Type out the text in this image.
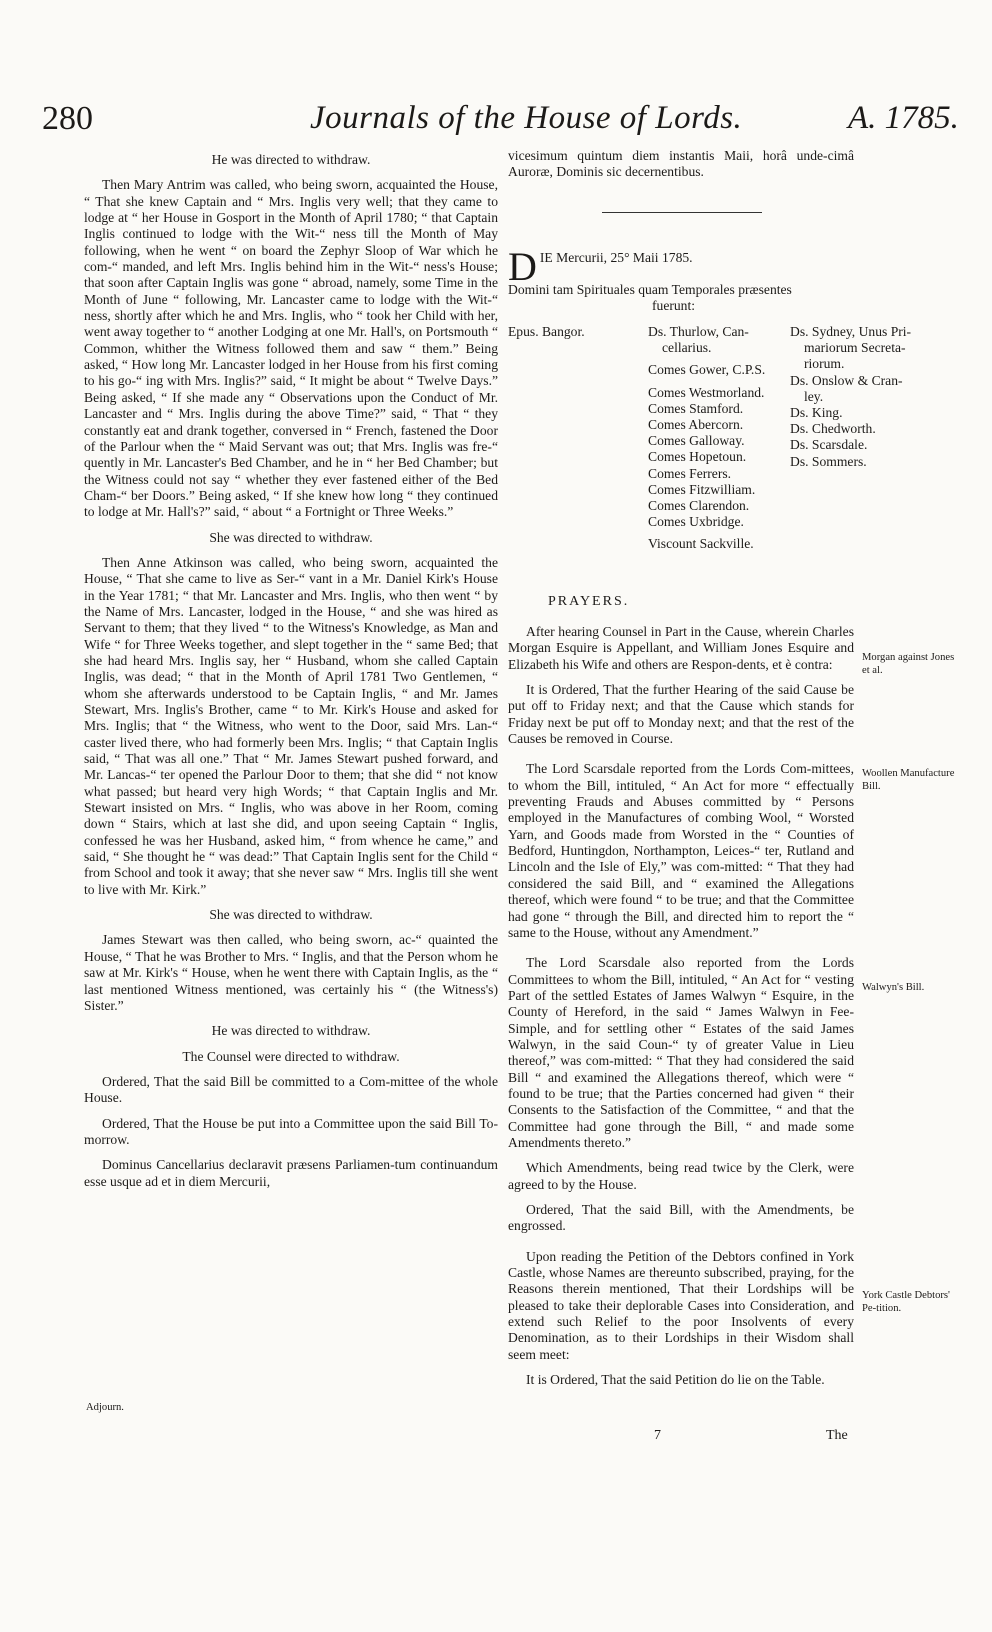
280	Journals of the House of Lords.	A. 1785.

He was directed to withdraw.

Then Mary Antrim was called, who being sworn, acquainted the House, “ That she knew Captain and “ Mrs. Inglis very well; that they came to lodge at “ her House in Gosport in the Month of April 1780; “ that Captain Inglis continued to lodge with the Wit-“ ness till the Month of May following, when he went “ on board the Zephyr Sloop of War which he com-“ manded, and left Mrs. Inglis behind him in the Wit-“ ness's House; that soon after Captain Inglis was gone “ abroad, namely, some Time in the Month of June “ following, Mr. Lancaster came to lodge with the Wit-“ ness, shortly after which he and Mrs. Inglis, who “ took her Child with her, went away together to “ another Lodging at one Mr. Hall's, on Portsmouth “ Common, whither the Witness followed them and saw “ them.” Being asked, “ How long Mr. Lancaster lodged in her House from his first coming to his go-“ ing with Mrs. Inglis?” said, “ It might be about “ Twelve Days.” Being asked, “ If she made any “ Observations upon the Conduct of Mr. Lancaster and “ Mrs. Inglis during the above Time?” said, “ That “ they constantly eat and drank together, conversed in “ French, fastened the Door of the Parlour when the “ Maid Servant was out; that Mrs. Inglis was fre-“ quently in Mr. Lancaster's Bed Chamber, and he in “ her Bed Chamber; but the Witness could not say “ whether they ever fastened either of the Bed Cham-“ ber Doors.” Being asked, “ If she knew how long “ they continued to lodge at Mr. Hall's?” said, “ about “ a Fortnight or Three Weeks.”

She was directed to withdraw.

Then Anne Atkinson was called, who being sworn, acquainted the House, “ That she came to live as Ser-“ vant in a Mr. Daniel Kirk's House in the Year 1781; “ that Mr. Lancaster and Mrs. Inglis, who then went “ by the Name of Mrs. Lancaster, lodged in the House, “ and she was hired as Servant to them; that they lived “ to the Witness's Knowledge, as Man and Wife “ for Three Weeks together, and slept together in the “ same Bed; that she had heard Mrs. Inglis say, her “ Husband, whom she called Captain Inglis, was dead; “ that in the Month of April 1781 Two Gentlemen, “ whom she afterwards understood to be Captain Inglis, “ and Mr. James Stewart, Mrs. Inglis's Brother, came “ to Mr. Kirk's House and asked for Mrs. Inglis; that “ the Witness, who went to the Door, said Mrs. Lan-“ caster lived there, who had formerly been Mrs. Inglis; “ that Captain Inglis said, “ That was all one.” That “ Mr. James Stewart pushed forward, and Mr. Lancas-“ ter opened the Parlour Door to them; that she did “ not know what passed; but heard very high Words; “ that Captain Inglis and Mr. Stewart insisted on Mrs. “ Inglis, who was above in her Room, coming down “ Stairs, which at last she did, and upon seeing Captain “ Inglis, confessed he was her Husband, asked him, “ from whence he came,” and said, “ She thought he “ was dead:” That Captain Inglis sent for the Child “ from School and took it away; that she never saw “ Mrs. Inglis till she went to live with Mr. Kirk.”

She was directed to withdraw.

James Stewart was then called, who being sworn, ac-“ quainted the House, “ That he was Brother to Mrs. “ Inglis, and that the Person whom he saw at Mr. Kirk's “ House, when he went there with Captain Inglis, as the “ last mentioned Witness mentioned, was certainly his “ (the Witness's) Sister.”

He was directed to withdraw.

The Counsel were directed to withdraw.

Ordered, That the said Bill be committed to a Com-mittee of the whole House.

Ordered, That the House be put into a Committee upon the said Bill To-morrow.

Dominus Cancellarius declaravit præsens Parliamen-tum continuandum esse usque ad et in diem Mercurii,

Adjourn.

vicesimum quintum diem instantis Maii, horâ unde-cimâ Auroræ, Dominis sic decernentibus.

D IE Mercurii, 25° Maii 1785.
Domini tam Spirituales quam Temporales præsentes
fuerunt:
Epus. Bangor.	Ds. Thurlow, Can-
cellarius.
Comes Gower, C.P.S.
Comes Westmorland.
Comes Stamford.
Comes Abercorn.
Comes Galloway.
Comes Hopetoun.
Comes Ferrers.
Comes Fitzwilliam.
Comes Clarendon.
Comes Uxbridge.
Viscount Sackville.
Ds. Sydney, Unus Pri-
mariorum Secreta-
riorum.
Ds. Onslow & Cran-
ley.
Ds. King.
Ds. Chedworth.
Ds. Scarsdale.
Ds. Sommers.
PRAYERS.

After hearing Counsel in Part in the Cause, wherein Charles Morgan Esquire is Appellant, and William Jones Esquire and Elizabeth his Wife and others are Respon-dents, et è contra:

It is Ordered, That the further Hearing of the said Cause be put off to Friday next; and that the Cause which stands for Friday next be put off to Monday next; and that the rest of the Causes be removed in Course.

The Lord Scarsdale reported from the Lords Com-mittees, to whom the Bill, intituled, “ An Act for more “ effectually preventing Frauds and Abuses committed by “ Persons employed in the Manufactures of combing Wool, “ Worsted Yarn, and Goods made from Worsted in the “ Counties of Bedford, Huntingdon, Northampton, Leices-“ ter, Rutland and Lincoln and the Isle of Ely,” was com-mitted: “ That they had considered the said Bill, and “ examined the Allegations thereof, which were found “ to be true; and that the Committee had gone “ through the Bill, and directed him to report the “ same to the House, without any Amendment.”

The Lord Scarsdale also reported from the Lords Committees to whom the Bill, intituled, “ An Act for “ vesting Part of the settled Estates of James Walwyn “ Esquire, in the County of Hereford, in the said “ James Walwyn in Fee-Simple, and for settling other “ Estates of the said James Walwyn, in the said Coun-“ ty of greater Value in Lieu thereof,” was com-mitted: “ That they had considered the said Bill “ and examined the Allegations thereof, which were “ found to be true; that the Parties concerned had given “ their Consents to the Satisfaction of the Committee, “ and that the Committee had gone through the Bill, “ and made some Amendments thereto.”

Which Amendments, being read twice by the Clerk, were agreed to by the House.

Ordered, That the said Bill, with the Amendments, be engrossed.

Upon reading the Petition of the Debtors confined in York Castle, whose Names are thereunto subscribed, praying, for the Reasons therein mentioned, That their Lordships will be pleased to take their deplorable Cases into Consideration, and extend such Relief to the poor Insolvents of every Denomination, as to their Lordships in their Wisdom shall seem meet:

It is Ordered, That the said Petition do lie on the Table.

Morgan against Jones et al.
Woollen Manufacture Bill.
Walwyn's Bill.
York Castle Debtors' Pe-tition.
7	The
